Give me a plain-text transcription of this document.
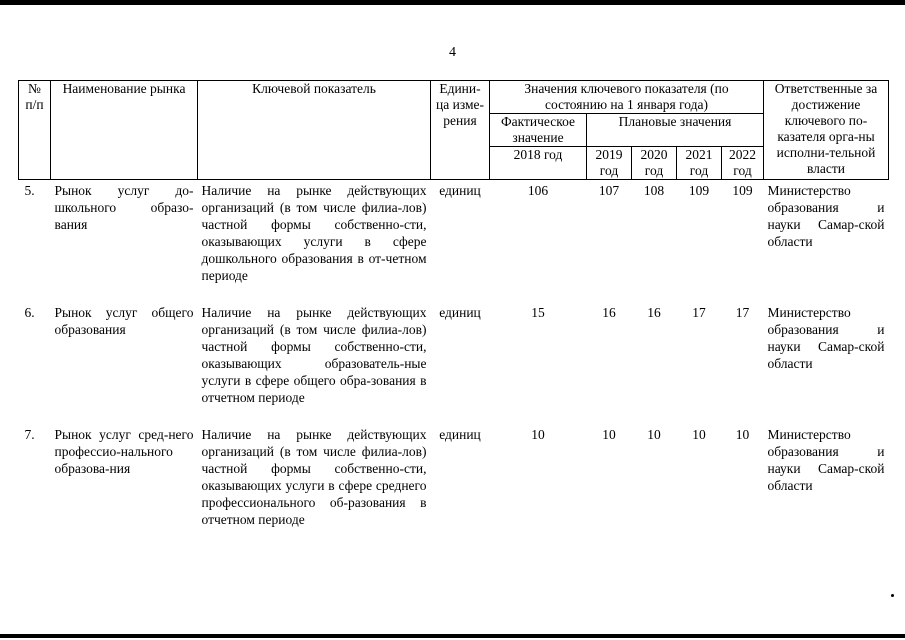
4
№ п/п	Наименование рынка	Ключевой показатель	Едини-ца изме-рения	Значения ключевого показателя (по состоянию на 1 января года)					Ответственные за достижение ключевого по-казателя орга-ны исполни-тельной власти
				Фактическое значение	Плановые значения				
				2018 год	2019 год	2020 год	2021 год	2022 год	
5.	Рынок услуг до-школьного образо-вания	Наличие на рынке действующих организаций (в том числе филиа-лов) частной формы собственно-сти, оказывающих услуги в сфере дошкольного образования в от-четном периоде	единиц	106	107	108	109	109	Министерство образования и науки Самар-ской области

6.	Рынок услуг общего образования	Наличие на рынке действующих организаций (в том числе филиа-лов) частной формы собственно-сти, оказывающих образователь-ные услуги в сфере общего обра-зования в отчетном периоде	единиц	15	16	16	17	17	Министерство образования и науки Самар-ской области

7.	Рынок услуг сред-него профессио-нального образова-ния	Наличие на рынке действующих организаций (в том числе филиа-лов) частной формы собственно-сти, оказывающих услуги в сфере среднего профессионального об-разования в отчетном периоде	единиц	10	10	10	10	10	Министерство образования и науки Самар-ской области
